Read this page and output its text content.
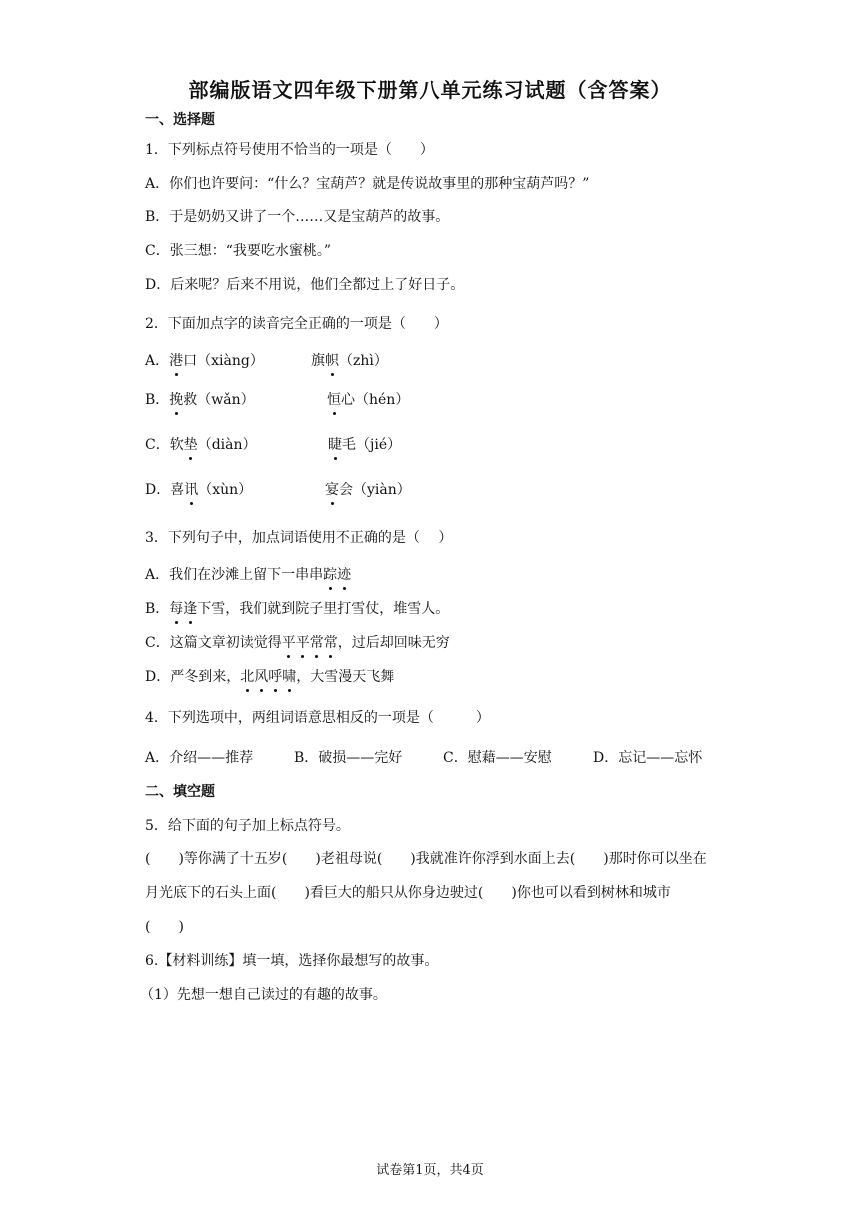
部编版语文四年级下册第八单元练习试题（含答案）
一、选择题
1．下列标点符号使用不恰当的一项是（　　）
A．你们也许要问：“什么？宝葫芦？就是传说故事里的那种宝葫芦吗？”
B．于是奶奶又讲了一个……又是宝葫芦的故事。
C．张三想：“我要吃水蜜桃。”
D．后来呢？后来不用说，他们全都过上了好日子。
2．下面加点字的读音完全正确的一项是（　　）
A．港口（xiàng）	旗帜（zhì）
B．挽救（wǎn）	恒心（hén）
C．软垫（diàn）	睫毛（jié）
D．喜讯（xùn）	宴会（yiàn）
3．下列句子中，加点词语使用不正确的是（　 ）
A．我们在沙滩上留下一串串踪迹
B．每逢下雪，我们就到院子里打雪仗，堆雪人。
C．这篇文章初读觉得平平常常，过后却回味无穷
D．严冬到来，北风呼啸，大雪漫天飞舞
4．下列选项中，两组词语意思相反的一项是（　　　）
A．介绍——推荐	B．破损——完好	C．慰藉——安慰	D．忘记——忘怀
二、填空题
5．给下面的句子加上标点符号。
(　　)等你满了十五岁(　　)老祖母说(　　)我就准许你浮到水面上去(　　)那时你可以坐在
月光底下的石头上面(　　)看巨大的船只从你身边驶过(　　)你也可以看到树林和城市
(　　)
6.【材料训练】填一填，选择你最想写的故事。
（1）先想一想自己读过的有趣的故事。
试卷第1页，共4页
